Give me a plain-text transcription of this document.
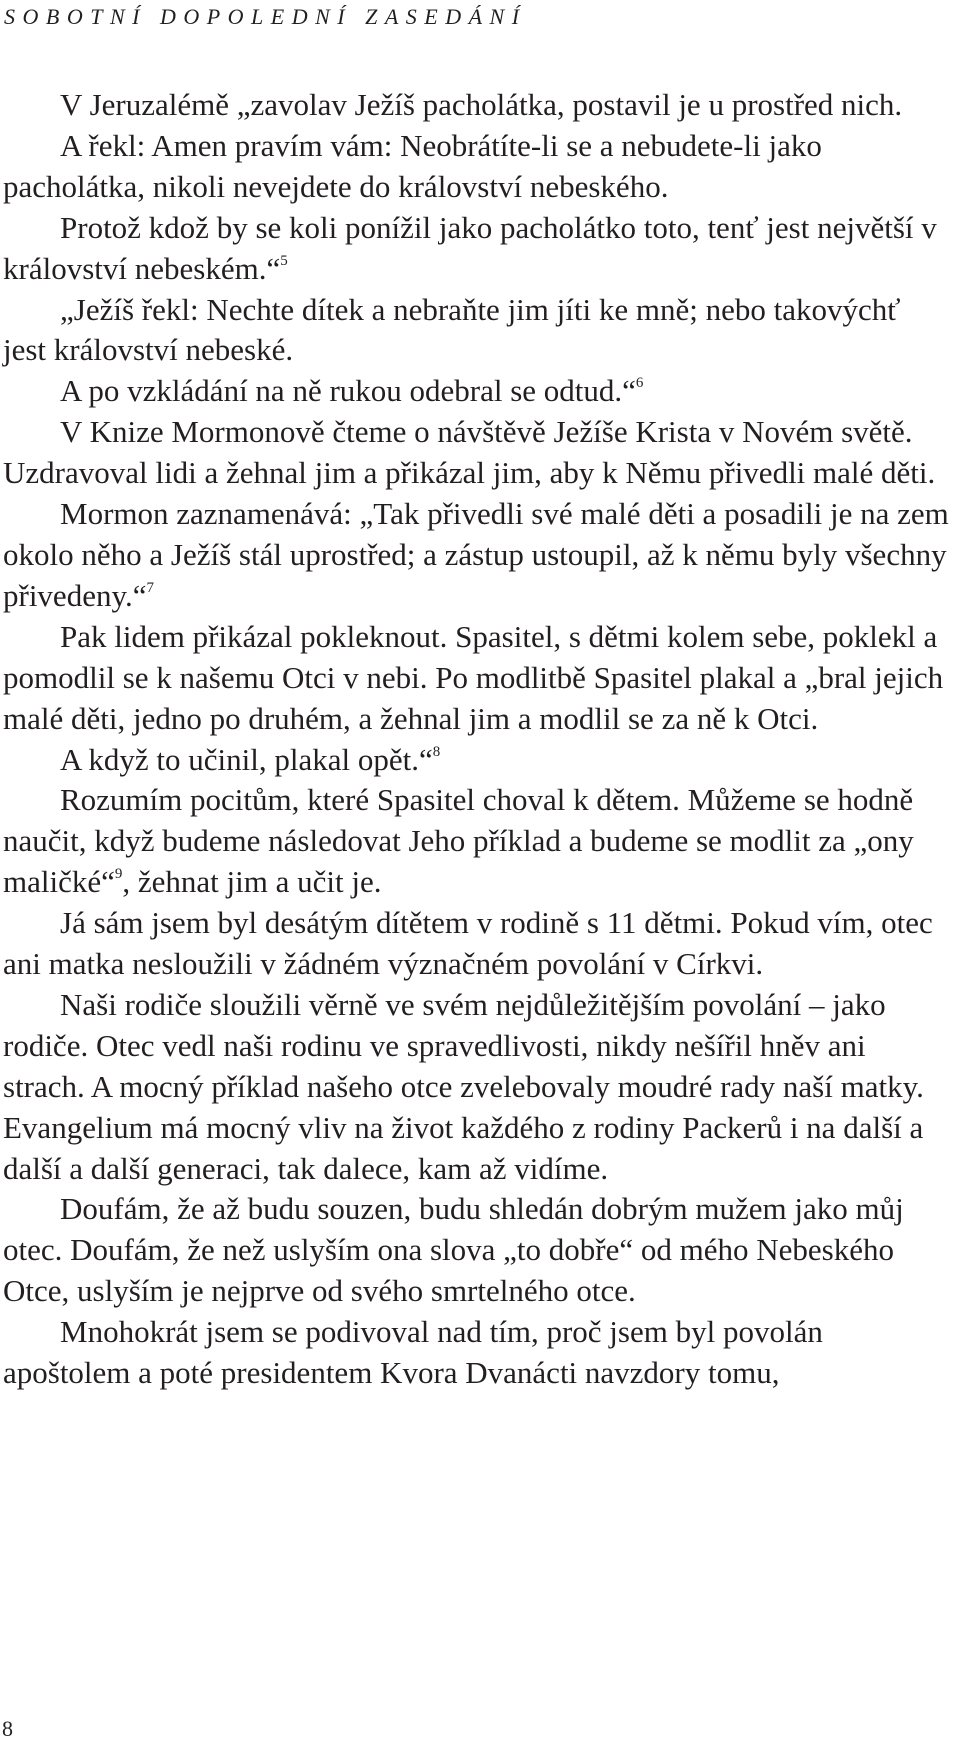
SOBOTNÍ DOPOLEDNÍ ZASEDÁNÍ

V Jeruzalémě „zavolav Ježíš pacholátka, postavil je u prostřed nich.

A řekl: Amen pravím vám: Neobrátíte-li se a nebudete-li jako pacholátka, nikoli nevejdete do království nebeského.

Protož kdož by se koli ponížil jako pacholátko toto, tenť jest největší v království nebeském.“$^5$

„Ježíš řekl: Nechte dítek a nebraňte jim jíti ke mně; nebo takovýchť jest království nebeské.

A po vzkládání na ně rukou odebral se odtud.“$^6$

V Knize Mormonově čteme o návštěvě Ježíše Krista v Novém světě. Uzdravoval lidi a žehnal jim a přikázal jim, aby k Němu přivedli malé děti.

Mormon zaznamenává: „Tak přivedli své malé děti a posadili je na zem okolo něho a Ježíš stál uprostřed; a zástup ustoupil, až k němu byly všechny přivedeny.“$^7$

Pak lidem přikázal pokleknout. Spasitel, s dětmi kolem sebe, poklekl a pomodlil se k našemu Otci v nebi. Po modlitbě Spasitel plakal a „bral jejich malé děti, jedno po druhém, a žehnal jim a modlil se za ně k Otci.

A když to učinil, plakal opět.“$^8$

Rozumím pocitům, které Spasitel choval k dětem. Můžeme se hodně naučit, když budeme následovat Jeho příklad a budeme se modlit za „ony maličké“$^9$, žehnat jim a učit je.

Já sám jsem byl desátým dítětem v rodině s 11 dětmi. Pokud vím, otec ani matka nesloužili v žádném význačném povolání v Církvi.

Naši rodiče sloužili věrně ve svém nejdůležitějším povolání – jako rodiče. Otec vedl naši rodinu ve spravedlivosti, nikdy nešířil hněv ani strach. A mocný příklad našeho otce zvelebovaly moudré rady naší matky. Evangelium má mocný vliv na život každého z rodiny Packerů i na další a další a další generaci, tak dalece, kam až vidíme.

Doufám, že až budu souzen, budu shledán dobrým mužem jako můj otec. Doufám, že než uslyším ona slova „to dobře“ od mého Nebeského Otce, uslyším je nejprve od svého smrtelného otce.

Mnohokrát jsem se podivoval nad tím, proč jsem byl povolán apoštolem a poté presidentem Kvora Dvanácti navzdory tomu,

8
